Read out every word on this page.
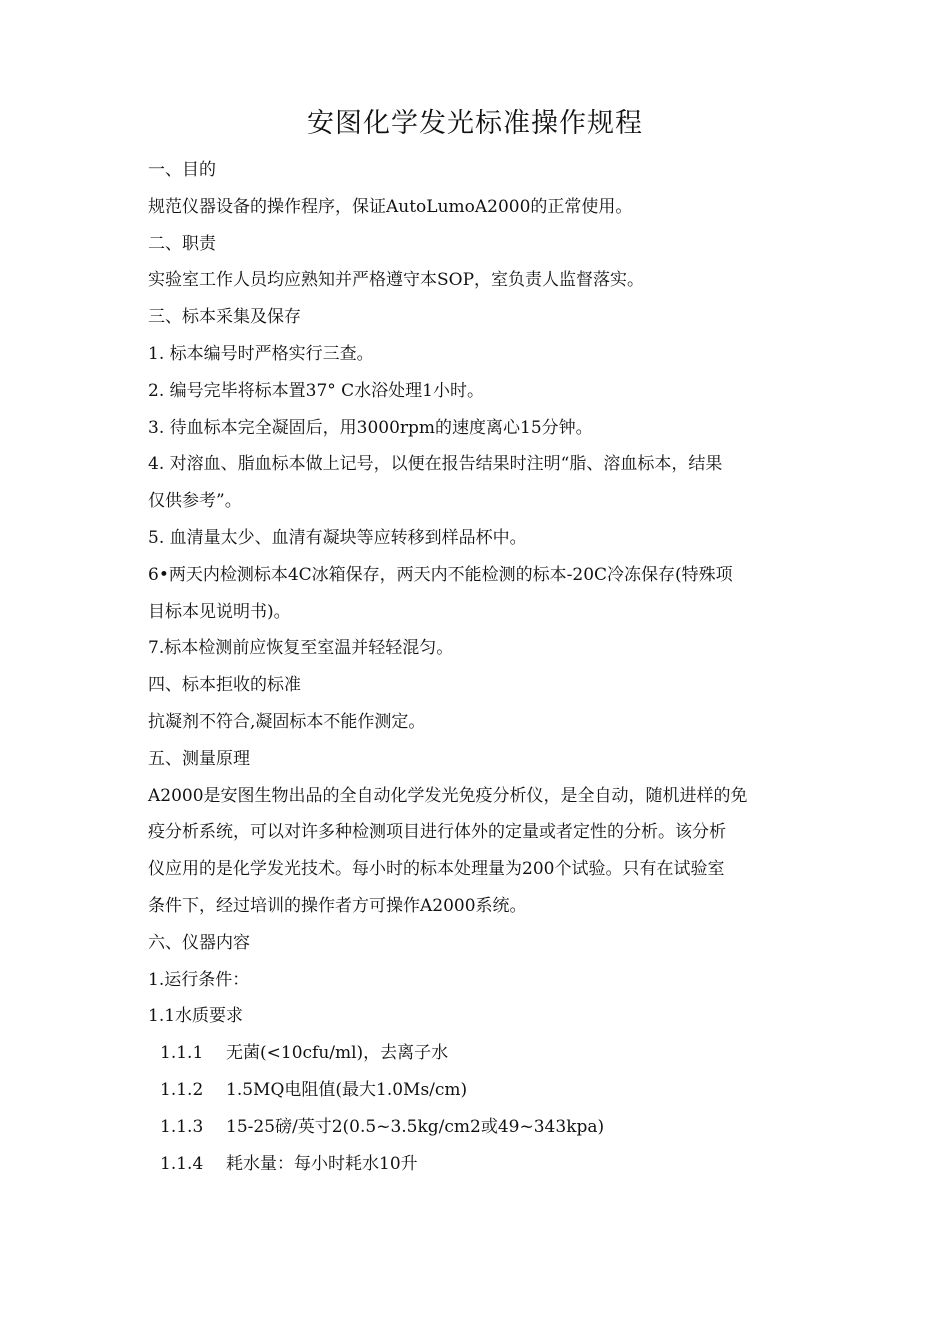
安图化学发光标准操作规程
一、目的
规范仪器设备的操作程序，保证AutoLumoA2000的正常使用。
二、职责
实验室工作人员均应熟知并严格遵守本SOP，室负责人监督落实。
三、标本采集及保存
1. 标本编号时严格实行三查。
2. 编号完毕将标本置37° C水浴处理1小时。
3. 待血标本完全凝固后，用3000rpm的速度离心15分钟。
4. 对溶血、脂血标本做上记号，以便在报告结果时注明“脂、溶血标本，结果
仅供参考”。
5. 血清量太少、血清有凝块等应转移到样品杯中。
6•两天内检测标本4C冰箱保存，两天内不能检测的标本-20C冷冻保存(特殊项
目标本见说明书)。
7.标本检测前应恢复至室温并轻轻混匀。
四、标本拒收的标准
抗凝剂不符合,凝固标本不能作测定。
五、测量原理
A2000是安图生物出品的全自动化学发光免疫分析仪，是全自动，随机进样的免
疫分析系统，可以对许多种检测项目进行体外的定量或者定性的分析。该分析
仪应用的是化学发光技术。每小时的标本处理量为200个试验。只有在试验室
条件下，经过培训的操作者方可操作A2000系统。
六、仪器内容
1.运行条件：
1.1水质要求
1.1.1 无菌(<10cfu/ml)，去离子水
1.1.2 1.5MQ电阻值(最大1.0Ms/cm)
1.1.3 15-25磅/英寸2(0.5~3.5kg/cm2或49~343kpa)
1.1.4 耗水量：每小时耗水10升
